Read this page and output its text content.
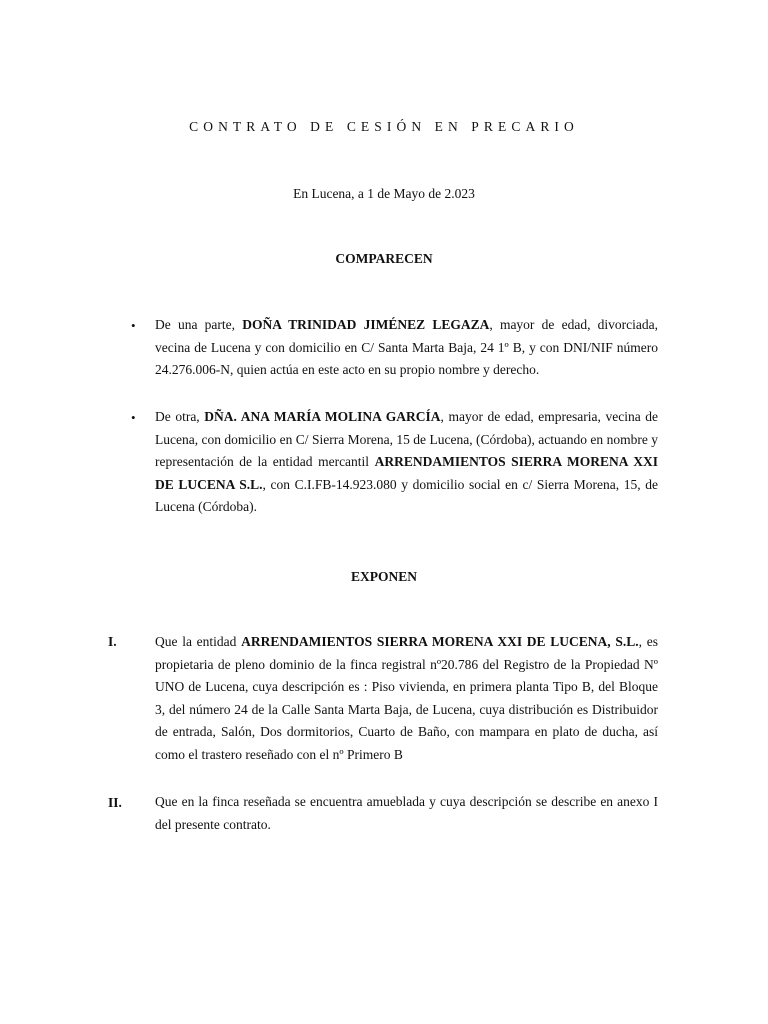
CONTRATO DE CESIÓN EN PRECARIO
En Lucena, a 1 de Mayo de 2.023
COMPARECEN
• De una parte, DOÑA TRINIDAD JIMÉNEZ LEGAZA, mayor de edad, divorciada, vecina de Lucena y con domicilio en C/ Santa Marta Baja, 24 1º B, y con DNI/NIF número 24.276.006-N, quien actúa en este acto en su propio nombre y derecho.
• De otra, DÑA. ANA MARÍA MOLINA GARCÍA, mayor de edad, empresaria, vecina de Lucena, con domicilio en C/ Sierra Morena, 15 de Lucena, (Córdoba), actuando en nombre y representación de la entidad mercantil ARRENDAMIENTOS SIERRA MORENA XXI DE LUCENA S.L., con C.I.FB-14.923.080 y domicilio social en c/ Sierra Morena, 15, de Lucena (Córdoba).
EXPONEN
I.	Que la entidad ARRENDAMIENTOS SIERRA MORENA XXI DE LUCENA, S.L., es propietaria de pleno dominio de la finca registral nº20.786 del Registro de la Propiedad Nº UNO de Lucena, cuya descripción es : Piso vivienda, en primera planta Tipo B, del Bloque 3, del número 24 de la Calle Santa Marta Baja, de Lucena, cuya distribución es Distribuidor de entrada, Salón, Dos dormitorios, Cuarto de Baño, con mampara en plato de ducha, así como el trastero reseñado con el nº Primero B
II. Que en la finca reseñada se encuentra amueblada y cuya descripción se describe en anexo I del presente contrato.
